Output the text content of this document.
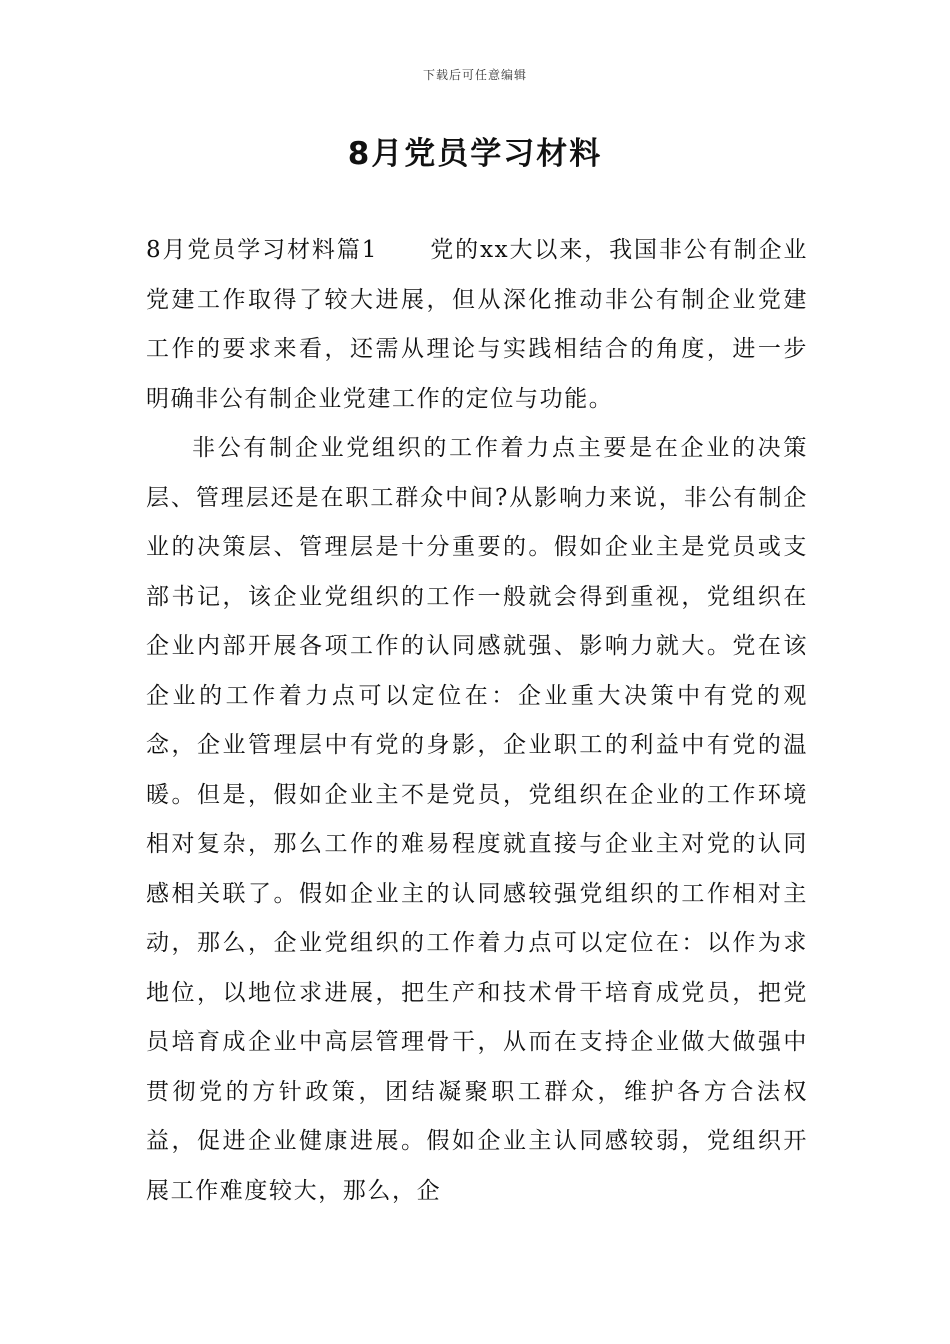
下载后可任意编辑
8月党员学习材料

8月党员学习材料篇1 党的xx大以来，我国非公有制企业党建工作取得了较大进展，但从深化推动非公有制企业党建工作的要求来看，还需从理论与实践相结合的角度，进一步明确非公有制企业党建工作的定位与功能。

非公有制企业党组织的工作着力点主要是在企业的决策层、管理层还是在职工群众中间?从影响力来说，非公有制企业的决策层、管理层是十分重要的。假如企业主是党员或支部书记，该企业党组织的工作一般就会得到重视，党组织在企业内部开展各项工作的认同感就强、影响力就大。党在该企业的工作着力点可以定位在：企业重大决策中有党的观念，企业管理层中有党的身影，企业职工的利益中有党的温暖。但是，假如企业主不是党员，党组织在企业的工作环境相对复杂，那么工作的难易程度就直接与企业主对党的认同感相关联了。假如企业主的认同感较强党组织的工作相对主动，那么，企业党组织的工作着力点可以定位在：以作为求地位，以地位求进展，把生产和技术骨干培育成党员，把党员培育成企业中高层管理骨干，从而在支持企业做大做强中贯彻党的方针政策，团结凝聚职工群众，维护各方合法权益，促进企业健康进展。假如企业主认同感较弱，党组织开展工作难度较大，那么，企
